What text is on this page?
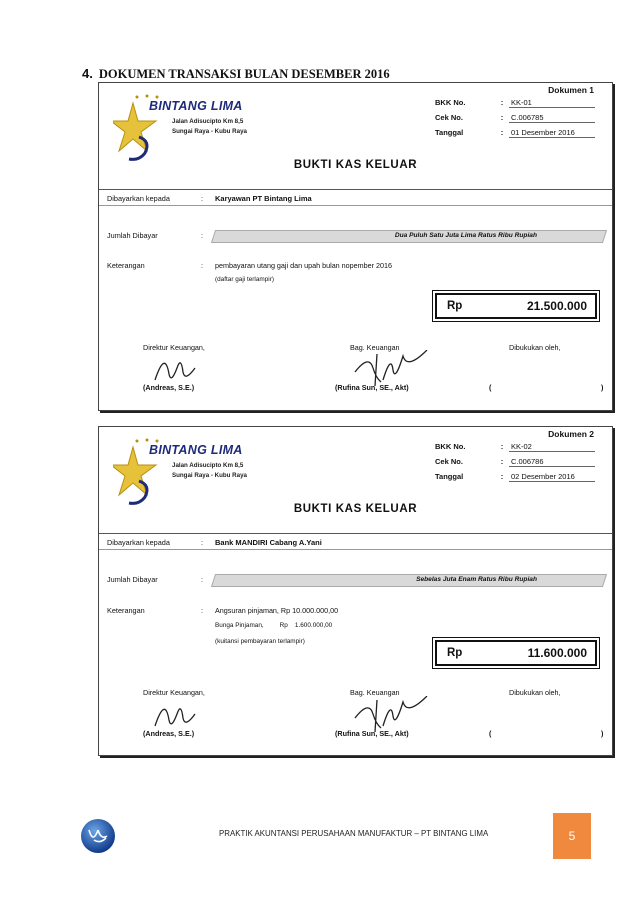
4. DOKUMEN TRANSAKSI BULAN DESEMBER 2016
Dokumen 1
BINTANG LIMA
Jalan Adisucipto Km 8,5
Sungai Raya - Kubu Raya
BKK No.	:	KK-01
Cek No.	:	C.006785
Tanggal	:	01 Desember 2016
BUKTI KAS KELUAR
Dibayarkan kepada	: Karyawan PT Bintang Lima
Jumlah Dibayar	:	Dua Puluh Satu Juta Lima Ratus Ribu Rupiah
Keterangan	: pembayaran utang gaji dan upah bulan nopember 2016
(daftar gaji terlampir)
Rp	21.500.000
Direktur Keuangan,	Bag. Keuangan	Dibukukan oleh,
(Andreas, S.E.)	(Rufina Sun, SE., Akt)	(	)
Dokumen 2
BINTANG LIMA
Jalan Adisucipto Km 8,5
Sungai Raya - Kubu Raya
BKK No.	:	KK-02
Cek No.	:	C.006786
Tanggal	:	02 Desember 2016
BUKTI KAS KELUAR
Dibayarkan kepada	: Bank MANDIRI Cabang A.Yani
Jumlah Dibayar	:	Sebelas Juta Enam Ratus Ribu Rupiah
Keterangan	: Angsuran pinjaman, Rp 10.000.000,00
Bunga Pinjaman,         Rp    1.600.000,00
(kuitansi pembayaran terlampir)
Rp	11.600.000
Direktur Keuangan,	Bag. Keuangan	Dibukukan oleh,
(Andreas, S.E.)	(Rufina Sun, SE., Akt)	(	)
PRAKTIK AKUNTANSI PERUSAHAAN MANUFAKTUR – PT BINTANG LIMA	5
